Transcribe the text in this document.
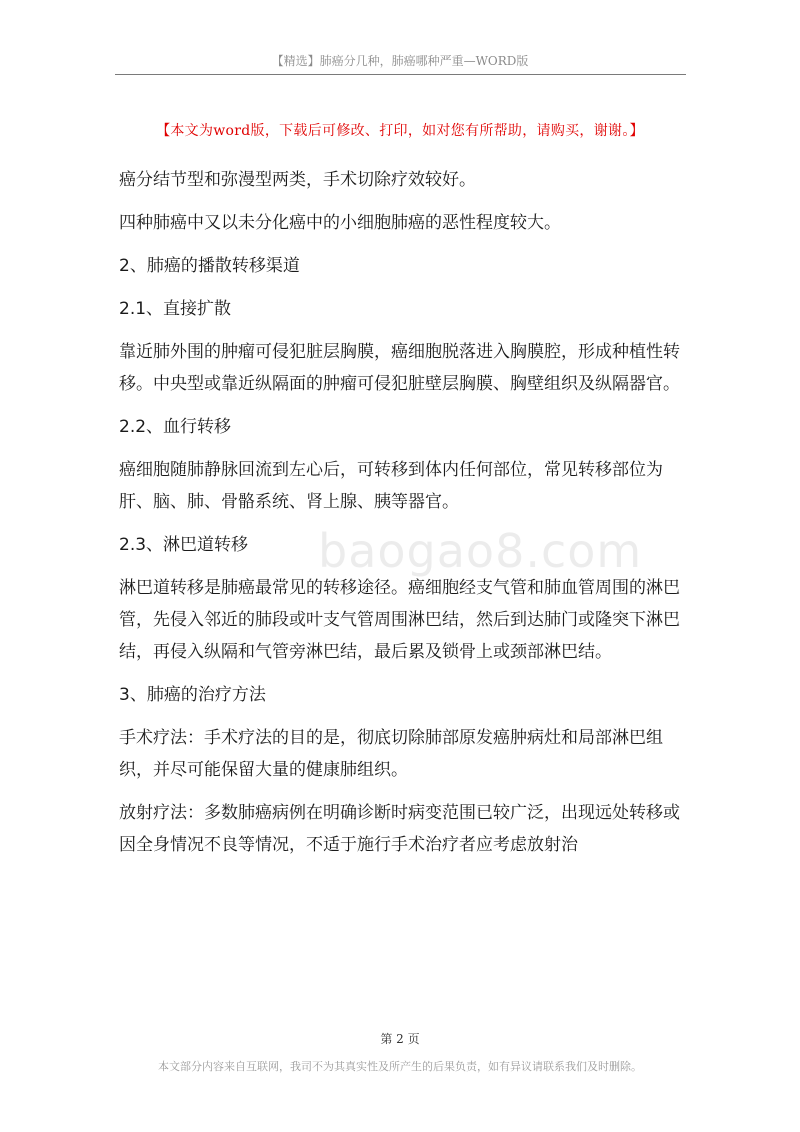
【精选】肺癌分几种，肺癌哪种严重—WORD版
【本文为word版，下载后可修改、打印，如对您有所帮助，请购买，谢谢。】
baogao8.com

癌分结节型和弥漫型两类，手术切除疗效较好。

四种肺癌中又以未分化癌中的小细胞肺癌的恶性程度较大。

2、肺癌的播散转移渠道

2.1、直接扩散

靠近肺外围的肿瘤可侵犯脏层胸膜，癌细胞脱落进入胸膜腔，形成种植性转移。中央型或靠近纵隔面的肿瘤可侵犯脏壁层胸膜、胸壁组织及纵隔器官。

2.2、血行转移

癌细胞随肺静脉回流到左心后，可转移到体内任何部位，常见转移部位为肝、脑、肺、骨骼系统、肾上腺、胰等器官。

2.3、淋巴道转移

淋巴道转移是肺癌最常见的转移途径。癌细胞经支气管和肺血管周围的淋巴管，先侵入邻近的肺段或叶支气管周围淋巴结，然后到达肺门或隆突下淋巴结，再侵入纵隔和气管旁淋巴结，最后累及锁骨上或颈部淋巴结。

3、肺癌的治疗方法

手术疗法：手术疗法的目的是，彻底切除肺部原发癌肿病灶和局部淋巴组织，并尽可能保留大量的健康肺组织。

放射疗法：多数肺癌病例在明确诊断时病变范围已较广泛，出现远处转移或因全身情况不良等情况，不适于施行手术治疗者应考虑放射治

第 2 页
本文部分内容来自互联网，我司不为其真实性及所产生的后果负责，如有异议请联系我们及时删除。
